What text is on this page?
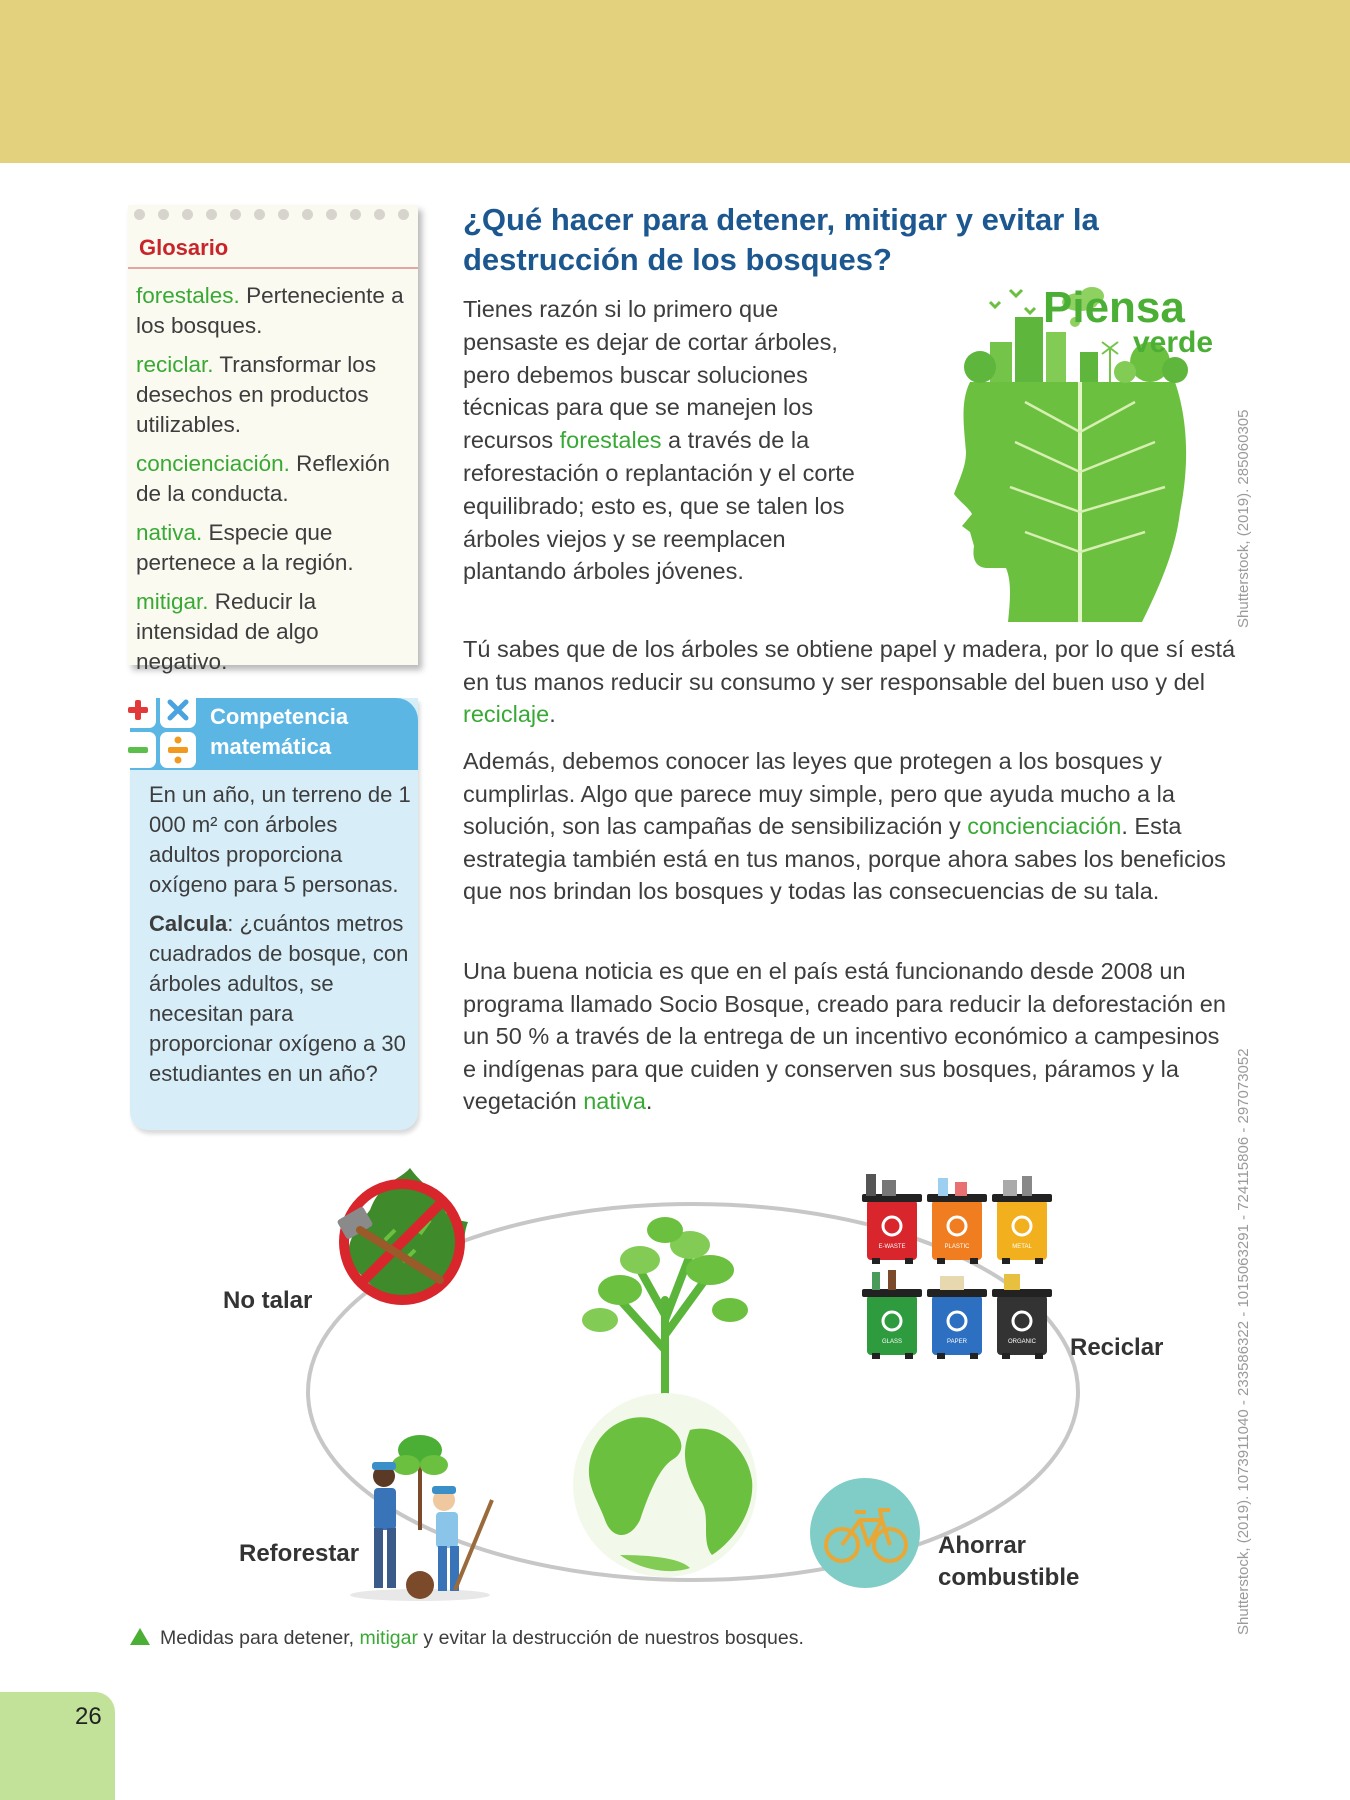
Glosario

forestales. Perteneciente a los bosques.

reciclar. Transformar los desechos en productos utilizables.

concienciación. Reflexión de la conducta.

nativa. Especie que pertenece a la región.

mitigar. Reducir la intensidad de algo negativo.

Competencia
matemática

En un año, un terreno de 1 000 m² con árboles adultos proporciona oxígeno para 5 personas.

Calcula: ¿cuántos metros cuadrados de bosque, con árboles adultos, se necesitan para proporcionar oxígeno a 30 estudiantes en un año?

¿Qué hacer para detener, mitigar y evitar la destrucción de los bosques?
Tienes razón si lo primero que pensaste es dejar de cortar árboles, pero debemos buscar soluciones técnicas para que se manejen los recursos forestales a través de la reforestación o replantación y el corte equilibrado; esto es, que se talen los árboles viejos y se reemplacen plantando árboles jóvenes.
Piensa
verde
Shutterstock, (2019). 285060305
Tú sabes que de los árboles se obtiene papel y madera, por lo que sí está en tus manos reducir su consumo y ser responsable del buen uso y del reciclaje.
Además, debemos conocer las leyes que protegen a los bosques y cumplirlas. Algo que parece muy simple, pero que ayuda mucho a la solución, son las campañas de sensibilización y concienciación. Esta estrategia también está en tus manos, porque ahora sabes los beneficios que nos brindan los bosques y todas las consecuencias de su tala.
Una buena noticia es que en el país está funcionando desde 2008 un programa llamado Socio Bosque, creado para reducir la deforestación en un 50 % a través de la entrega de un incentivo económico a campesinos e indígenas para que cuiden y conserven sus bosques, páramos y la vegetación nativa.
E-WASTE	PLASTIC	METAL
GLASS	PAPER	ORGANIC
No talar
Reciclar
Reforestar	Ahorrar
combustible	Shutterstock, (2019). 1073911040 - 233586322 - 1015063291 - 724115806 - 297073052
Medidas para detener, mitigar y evitar la destrucción de nuestros bosques.
26
